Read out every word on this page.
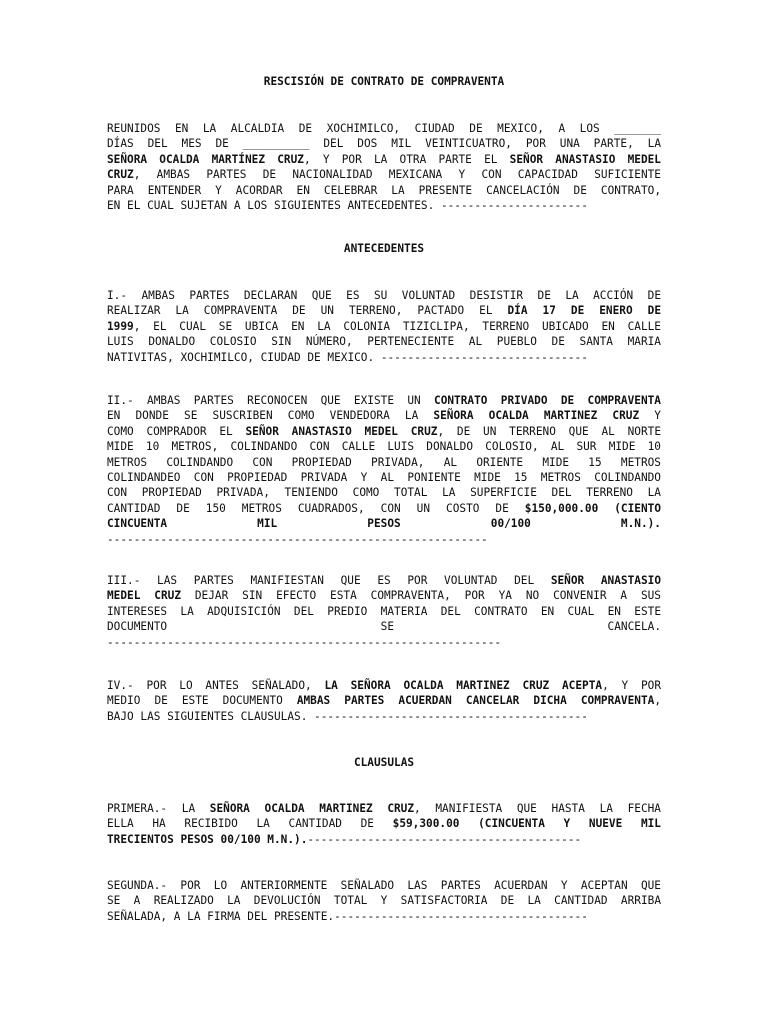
RESCISIÓN DE CONTRATO DE COMPRAVENTA
REUNIDOS EN LA ALCALDIA DE XOCHIMILCO, CIUDAD DE MEXICO, A LOS _______
DÍAS DEL MES DE __________ DEL DOS MIL VEINTICUATRO, POR UNA PARTE, LA
SEÑORA OCALDA MARTÍNEZ CRUZ, Y POR LA OTRA PARTE EL SEÑOR ANASTASIO MEDEL
CRUZ, AMBAS PARTES DE NACIONALIDAD MEXICANA Y CON CAPACIDAD SUFICIENTE
PARA ENTENDER Y ACORDAR EN CELEBRAR LA PRESENTE CANCELACIÓN DE CONTRATO,
EN EL CUAL SUJETAN A LOS SIGUIENTES ANTECEDENTES. ----------------------
ANTECEDENTES
I.- AMBAS PARTES DECLARAN QUE ES SU VOLUNTAD DESISTIR DE LA ACCIÓN DE
REALIZAR LA COMPRAVENTA DE UN TERRENO, PACTADO EL DÍA 17 DE ENERO DE
1999, EL CUAL SE UBICA EN LA COLONIA TIZICLIPA, TERRENO UBICADO EN CALLE
LUIS DONALDO COLOSIO SIN NÚMERO, PERTENECIENTE AL PUEBLO DE SANTA MARIA
NATIVITAS, XOCHIMILCO, CIUDAD DE MEXICO. -------------------------------
II.- AMBAS PARTES RECONOCEN QUE EXISTE UN CONTRATO PRIVADO DE COMPRAVENTA
EN DONDE SE SUSCRIBEN COMO VENDEDORA LA SEÑORA OCALDA MARTINEZ CRUZ Y
COMO COMPRADOR EL SEÑOR ANASTASIO MEDEL CRUZ, DE UN TERRENO QUE AL NORTE
MIDE 10 METROS, COLINDANDO CON CALLE LUIS DONALDO COLOSIO, AL SUR MIDE 10
METROS COLINDANDO CON PROPIEDAD PRIVADA, AL ORIENTE MIDE 15 METROS
COLINDANDEO CON PROPIEDAD PRIVADA Y AL PONIENTE MIDE 15 METROS COLINDANDO
CON PROPIEDAD PRIVADA, TENIENDO COMO TOTAL LA SUPERFICIE DEL TERRENO LA
CANTIDAD DE 150 METROS CUADRADOS, CON UN COSTO DE $150,000.00 (CIENTO
CINCUENTA MIL PESOS 00/100 M.N.).
---------------------------------------------------------
III.- LAS PARTES MANIFIESTAN QUE ES POR VOLUNTAD DEL SEÑOR ANASTASIO
MEDEL CRUZ DEJAR SIN EFECTO ESTA COMPRAVENTA, POR YA NO CONVENIR A SUS
INTERESES LA ADQUISICIÓN DEL PREDIO MATERIA DEL CONTRATO EN CUAL EN ESTE
DOCUMENTO SE CANCELA.
-----------------------------------------------------------
IV.- POR LO ANTES SEÑALADO, LA SEÑORA OCALDA MARTINEZ CRUZ ACEPTA, Y POR
MEDIO DE ESTE DOCUMENTO AMBAS PARTES ACUERDAN CANCELAR DICHA COMPRAVENTA,
BAJO LAS SIGUIENTES CLAUSULAS. -----------------------------------------
CLAUSULAS
PRIMERA.- LA SEÑORA OCALDA MARTINEZ CRUZ, MANIFIESTA QUE HASTA LA FECHA
ELLA HA RECIBIDO LA CANTIDAD DE $59,300.00 (CINCUENTA Y NUEVE MIL
TRECIENTOS PESOS 00/100 M.N.).-----------------------------------------
SEGUNDA.- POR LO ANTERIORMENTE SEÑALADO LAS PARTES ACUERDAN Y ACEPTAN QUE
SE A REALIZADO LA DEVOLUCIÓN TOTAL Y SATISFACTORIA DE LA CANTIDAD ARRIBA
SEÑALADA, A LA FIRMA DEL PRESENTE.--------------------------------------
